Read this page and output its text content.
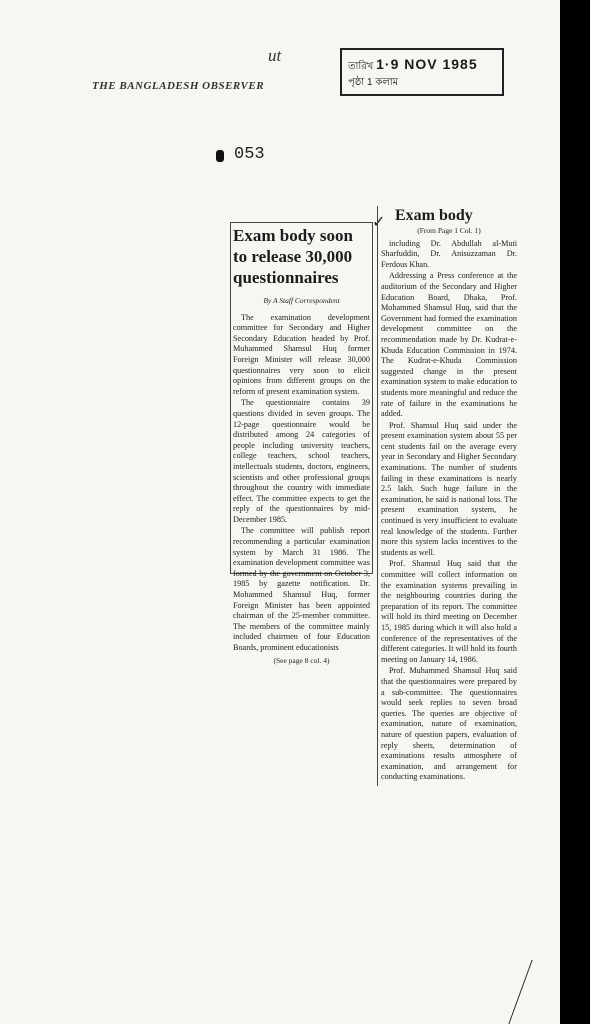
THE BANGLADESH OBSERVER
ut
তারিখ 1·9 NOV 1985
পৃষ্ঠা 1 কলাম
053
Exam body soon to release 30,000 questionnaires
By A Staff Correspondent

The examination development committee for Secondary and Higher Secondary Education headed by Prof. Muhammed Shamsul Huq former Foreign Minister will release 30,000 questionnaires very soon to elicit opinions from different groups on the reform of present examination system.

The questionnaire contains 39 questions divided in seven groups. The 12-page questionnaire would be distributed among 24 categories of people including university teachers, college teachers, school teachers, intellectuals students, doctors, engineers, scientists and other professional groups throughout the country with immediate effect. The committee expects to get the reply of the questionnaires by mid-December 1985.

The committee will publish report recommending a particular examination system by March 31 1986. The examination development committee was formed by the government on October 3, 1985 by gazette notification. Dr. Mohammed Shamsul Huq, former Foreign Minister has been appointed chairman of the 25-member committee. The members of the committee mainly included chairmen of four Education Boards, prominent educationists

(See page 8 col. 4)
✓ Exam body
(From Page 1 Col. 1)

including Dr. Abdullah al-Muti Sharfuddin, Dr. Anisuzzaman Dr. Ferdous Khan.

Addressing a Press conference at the auditorium of the Secondary and Higher Education Board, Dhaka, Prof. Mohammed Shamsul Huq, said that the Government had formed the examination development committee on the recommendation made by Dr. Kudrat-e-Khuda Education Commission in 1974. The Kudrat-e-Khuda Commission suggested change in the present examination system to make education to students more meaningful and reduce the rate of failure in the examinations he added.

Prof. Shamsul Huq said under the present examination system about 55 per cent students fail on the average every year in Secondary and Higher Secondary examinations. The number of students failing in these examinations is nearly 2.5 lakh. Such huge failure in the examination, he said is national loss. The present examination system, he continued is very insufficient to evaluate real knowledge of the students. Further more this system lacks incentives to the students as well.

Prof. Shamsul Huq said that the committee will collect information on the examination systems prevailing in the neighbouring countries during the preparation of its report. The committee will hold its third meeting on December 15, 1985 during which it will also hold a conference of the representatives of the different categories. It will hold its fourth meeting on January 14, 1986.

Prof. Muhammed Shamsul Huq said that the questionnaires were prepared by a sub-committee. The questionnaires would seek replies to seven broad queries. The queries are objective of examination, nature of examination, nature of question papers, evaluation of reply sheets, determination of examinations results atmosphere of examination, and arrangement for conducting examinations.
